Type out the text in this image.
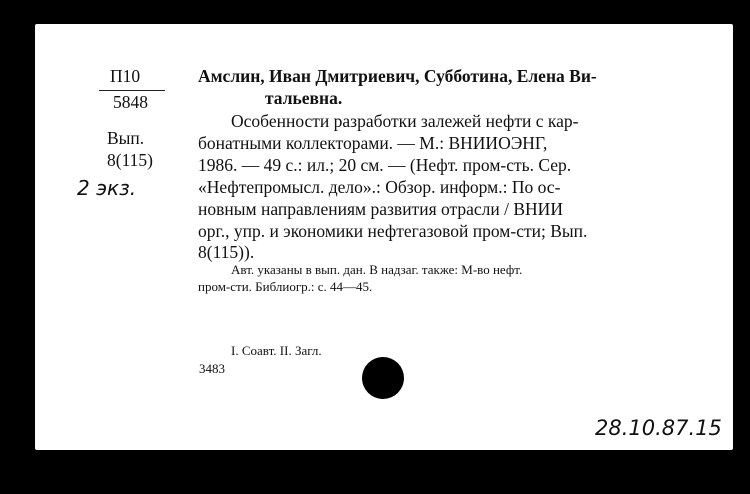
П10
5848
Вып.
8(115)
2 экз.
Амслин, Иван Дмитриевич, Субботина, Елена Ви-
тальевна.
Особенности разработки залежей нефти с кар-
бонатными коллекторами. — М.: ВНИИОЭНГ,
1986. — 49 с.: ил.; 20 см. — (Нефт. пром-сть. Сер.
«Нефтепромысл. дело».: Обзор. информ.: По ос-
новным направлениям развития отрасли / ВНИИ
орг., упр. и экономики нефтегазовой пром-сти; Вып.
8(115)).
Авт. указаны в вып. дан. В надзаг. также: М-во нефт.
пром-сти. Библиогр.: с. 44—45.
I. Соавт. II. Загл.
3483
28.10.87.15
